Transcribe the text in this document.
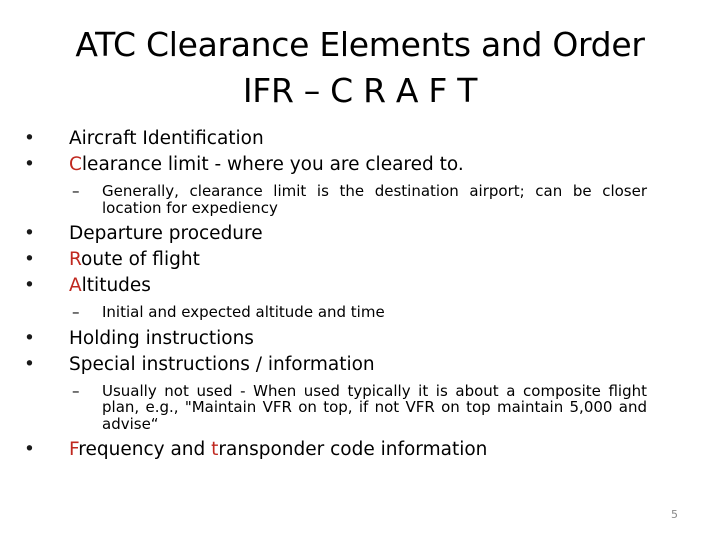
ATC Clearance Elements and Order
IFR – C R A F T
•	Aircraft Identification
•	Clearance limit - where you are cleared to.
–	Generally, clearance limit is the destination airport; can be closer location for expediency
•	Departure procedure
•	Route of flight
•	Altitudes
–	Initial and expected altitude and time
•	Holding instructions
•	Special instructions / information
–	Usually not used - When used typically it is about a composite flight plan, e.g., "Maintain VFR on top, if not VFR on top maintain 5,000 and advise“
•	Frequency and transponder code information
5
